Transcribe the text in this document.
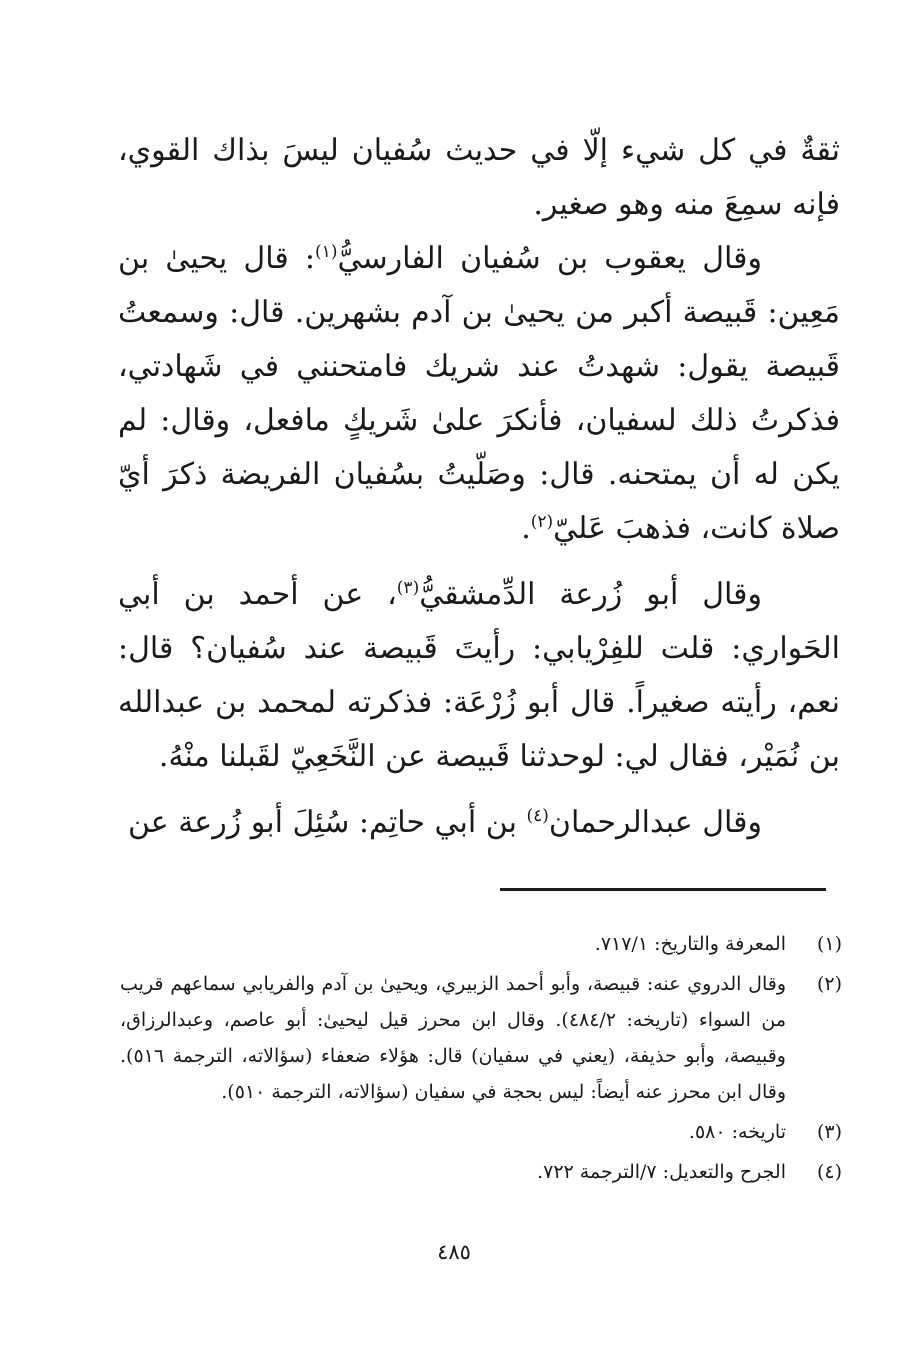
ثقةٌ في كل شيء إلّا في حديث سُفيان ليسَ بذاك القوي، فإنه سمِعَ منه وهو صغير.

وقال يعقوب بن سُفيان الفارسيُّ$^{(١)}$: قال يحيىٰ بن مَعِين: قَبيصة أكبر من يحيىٰ بن آدم بشهرين. قال: وسمعتُ قَبيصة يقول: شهدتُ عند شريك فامتحنني في شَهادتي، فذكرتُ ذلك لسفيان، فأنكرَ علىٰ شَريكٍ مافعل، وقال: لم يكن له أن يمتحنه. قال: وصَلّيتُ بسُفيان الفريضة ذكرَ أيّ صلاة كانت، فذهبَ عَليّ$^{(٢)}$.

وقال أبو زُرعة الدِّمشقيُّ$^{(٣)}$، عن أحمد بن أبي الحَواري: قلت للفِرْيابي: رأيتَ قَبيصة عند سُفيان؟ قال: نعم، رأيته صغيراً. قال أبو زُرْعَة: فذكرته لمحمد بن عبدالله بن نُمَيْر، فقال لي: لوحدثنا قَبيصة عن النَّخَعِيّ لقَبلنا منْهُ.

وقال عبدالرحمان$^{(٤)}$ بن أبي حاتِم: سُئِلَ أبو زُرعة عن

(١)
المعرفة والتاريخ: ٧١٧/١.
(٢)
وقال الدروي عنه: قبيصة، وأبو أحمد الزبيري، ويحيىٰ بن آدم والفريابي سماعهم قريب من السواء (تاريخه: ٤٨٤/٢). وقال ابن محرز قيل ليحيىٰ: أبو عاصم، وعبدالرزاق، وقبيصة، وأبو حذيفة، (يعني في سفيان) قال: هؤلاء ضعفاء (سؤالاته، الترجمة ٥١٦). وقال ابن محرز عنه أيضاً: ليس بحجة في سفيان (سؤالاته، الترجمة ٥١٠).
(٣)
تاريخه: ٥٨٠.
(٤)
الجرح والتعديل: ٧/الترجمة ٧٢٢.
٤٨٥
